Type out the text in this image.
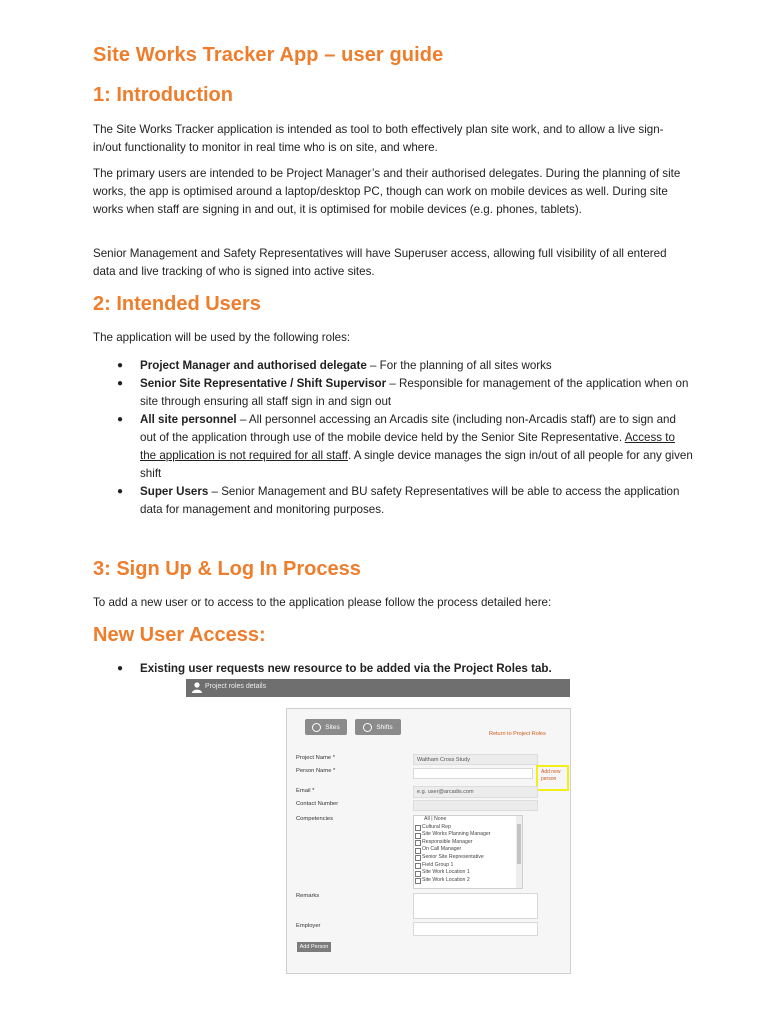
Site Works Tracker App – user guide
1: Introduction

The Site Works Tracker application is intended as tool to both effectively plan site work, and to allow a live sign-in/out functionality to monitor in real time who is on site, and where.

The primary users are intended to be Project Manager’s and their authorised delegates. During the planning of site works, the app is optimised around a laptop/desktop PC, though can work on mobile devices as well. During site works when staff are signing in and out, it is optimised for mobile devices (e.g. phones, tablets).

Senior Management and Safety Representatives will have Superuser access, allowing full visibility of all entered data and live tracking of who is signed into active sites.

2: Intended Users

The application will be used by the following roles:

● Project Manager and authorised delegate – For the planning of all sites works
● Senior Site Representative / Shift Supervisor – Responsible for management of the application when on site through ensuring all staff sign in and sign out
● All site personnel – All personnel accessing an Arcadis site (including non-Arcadis staff) are to sign and out of the application through use of the mobile device held by the Senior Site Representative. Access to the application is not required for all staff. A single device manages the sign in/out of all people for any given shift
● Super Users – Senior Management and BU safety Representatives will be able to access the application data for management and monitoring purposes.
3: Sign Up & Log In Process

To add a new user or to access to the application please follow the process detailed here:

New User Access:
● Existing user requests new resource to be added via the Project Roles tab.
Project roles details
Sites	Shifts
Return to Project Roles
Project Name *	Waltham Cross Study
Person Name *	Add new person
Email *	e.g. user@arcadis.com
Contact Number
Competencies	All | None
Cultural Rep
Site Works Planning Manager
Responsible Manager
On Call Manager
Senior Site Representative
Field Group 1
Site Work Location 1
Site Work Location 2
Remarks
Employer
Add Person
